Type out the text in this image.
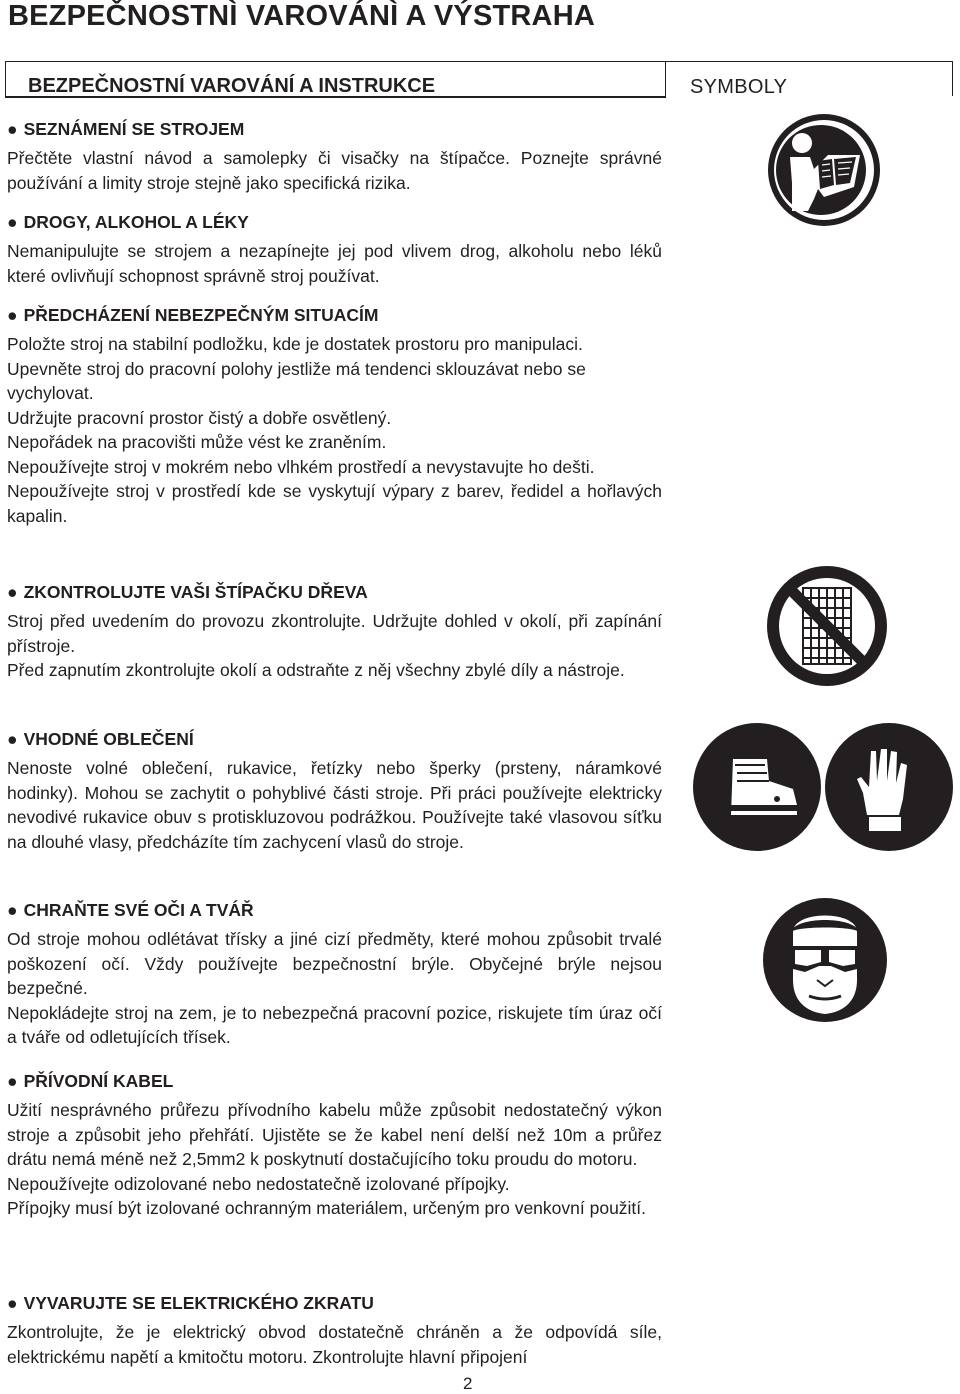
BEZPEČNOSTNÌ VAROVÁNÌ A VÝSTRAHA
BEZPEČNOSTNÍ VAROVÁNÍ A INSTRUKCE	SYMBOLY
● SEZNÁMENÍ SE STROJEM

Přečtěte vlastní návod a samolepky či visačky na štípačce. Poznejte správné používání a limity stroje stejně jako specifická rizika.

● DROGY, ALKOHOL A LÉKY

Nemanipulujte se strojem a nezapínejte jej pod vlivem drog, alkoholu nebo léků které ovlivňují schopnost správně stroj používat.

● PŘEDCHÁZENÍ NEBEZPEČNÝM SITUACÍM

Položte stroj na stabilní podložku, kde je dostatek prostoru pro manipulaci.

Upevněte stroj do pracovní polohy jestliže má tendenci sklouzávat nebo se vychylovat.

Udržujte pracovní prostor čistý a dobře osvětlený.

Nepořádek na pracovišti může vést ke zraněním.

Nepoužívejte stroj v mokrém nebo vlhkém prostředí a nevystavujte ho dešti.

Nepoužívejte stroj v prostředí kde se vyskytují výpary z barev, ředidel a hořlavých kapalin.

● ZKONTROLUJTE VAŠI ŠTÍPAČKU DŘEVA

Stroj před uvedením do provozu zkontrolujte. Udržujte dohled v okolí, při zapínání přístroje.

Před zapnutím zkontrolujte okolí a odstraňte z něj všechny zbylé díly a nástroje.

● VHODNÉ OBLEČENÍ

Nenoste volné oblečení, rukavice, řetízky nebo šperky (prsteny, náramkové hodinky). Mohou se zachytit o pohyblivé části stroje. Při práci používejte elektricky nevodivé rukavice obuv s protiskluzovou podrážkou. Používejte také vlasovou síťku na dlouhé vlasy, předcházíte tím zachycení vlasů do stroje.

● CHRAŇTE SVÉ OČI A TVÁŘ

Od stroje mohou odlétávat třísky a jiné cizí předměty, které mohou způsobit trvalé poškození očí. Vždy používejte bezpečnostní brýle. Obyčejné brýle nejsou bezpečné.

Nepokládejte stroj na zem, je to nebezpečná pracovní pozice, riskujete tím úraz očí a tváře od odletujících třísek.

● PŘÍVODNÍ KABEL

Užití nesprávného průřezu přívodního kabelu může způsobit nedostatečný výkon stroje a způsobit jeho přehřátí. Ujistěte se že kabel není delší než 10m a průřez drátu nemá méně než 2,5mm2 k poskytnutí dostačujícího toku proudu do motoru.

Nepoužívejte odizolované nebo nedostatečně izolované přípojky.

Přípojky musí být izolované ochranným materiálem, určeným pro venkovní použití.

● VYVARUJTE SE ELEKTRICKÉHO ZKRATU

Zkontrolujte, že je elektrický obvod dostatečně chráněn a že odpovídá síle, elektrickému napětí a kmitočtu motoru. Zkontrolujte hlavní připojení

2
